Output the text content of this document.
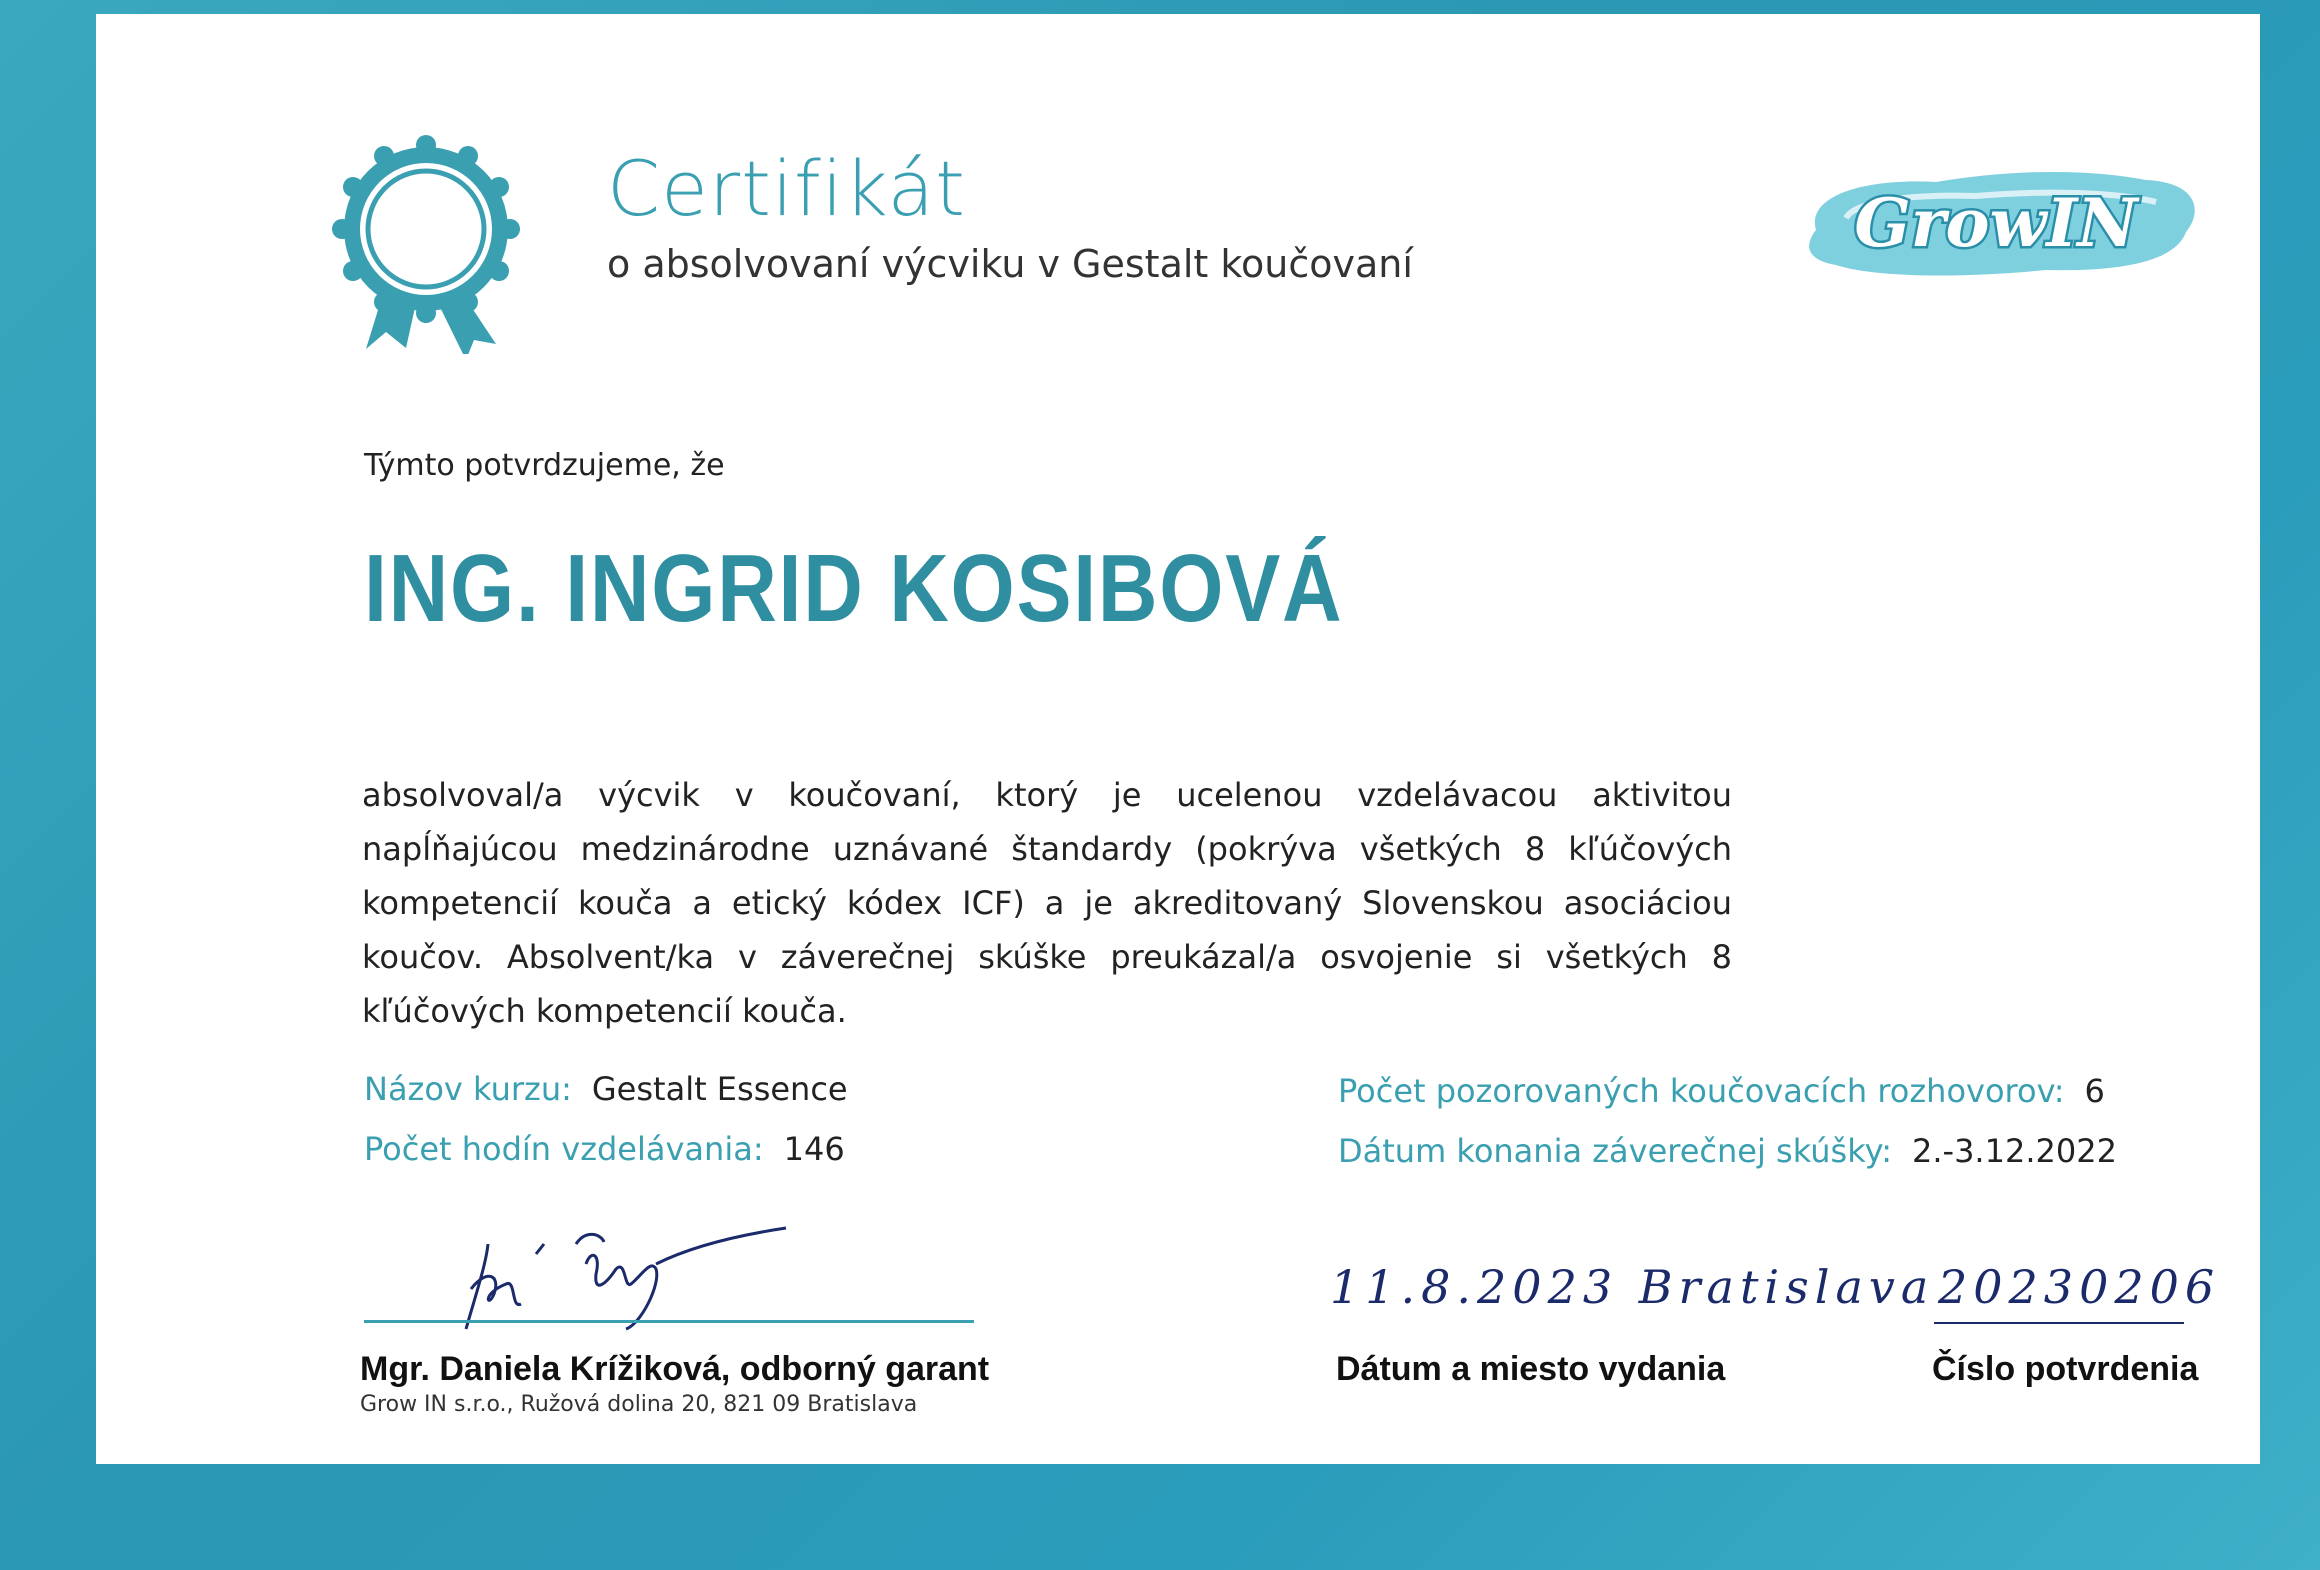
Certifikát
o absolvovaní výcviku v Gestalt koučovaní
GrowIN
Týmto potvrdzujeme, že
ING. INGRID KOSIBOVÁ
absolvoval/a výcvik v koučovaní, ktorý je ucelenou vzdelávacou aktivitou napĺňajúcou medzinárodne uznávané štandardy (pokrýva všetkých 8 kľúčových kompetencií kouča a etický kódex ICF) a je akreditovaný Slovenskou asociáciou koučov. Absolvent/ka v záverečnej skúške preukázal/a osvojenie si všetkých 8 kľúčových kompetencií kouča.
Názov kurzu: Gestalt Essence
Počet hodín vzdelávania: 146
Počet pozorovaných koučovacích rozhovorov: 6
Dátum konania záverečnej skúšky: 2.-3.12.2022
Mgr. Daniela Krížiková, odborný garant
Grow IN s.r.o., Ružová dolina 20, 821 09 Bratislava
11.8.2023 Bratislava
Dátum a miesto vydania
20230206
Číslo potvrdenia
